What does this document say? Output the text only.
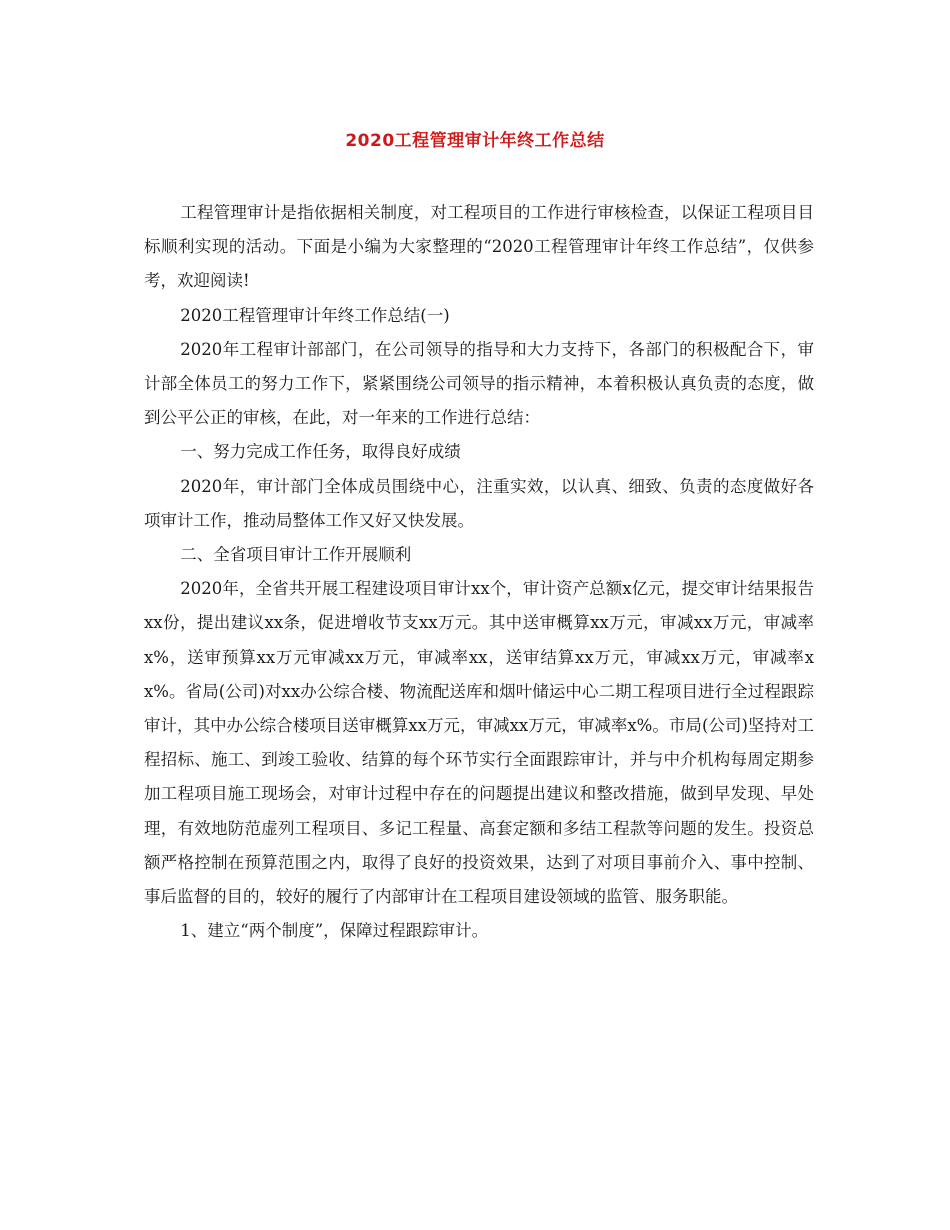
2020工程管理审计年终工作总结

工程管理审计是指依据相关制度，对工程项目的工作进行审核检查，以保证工程项目目标顺利实现的活动。下面是小编为大家整理的“2020工程管理审计年终工作总结”，仅供参考，欢迎阅读!

2020工程管理审计年终工作总结(一)

2020年工程审计部部门，在公司领导的指导和大力支持下，各部门的积极配合下，审计部全体员工的努力工作下，紧紧围绕公司领导的指示精神，本着积极认真负责的态度，做到公平公正的审核，在此，对一年来的工作进行总结：

一、努力完成工作任务，取得良好成绩

2020年，审计部门全体成员围绕中心，注重实效，以认真、细致、负责的态度做好各项审计工作，推动局整体工作又好又快发展。

二、全省项目审计工作开展顺利

2020年，全省共开展工程建设项目审计xx个，审计资产总额x亿元，提交审计结果报告xx份，提出建议xx条，促进增收节支xx万元。其中送审概算xx万元，审减xx万元，审减率x%，送审预算xx万元审减xx万元，审减率xx，送审结算xx万元，审减xx万元，审减率xx%。省局(公司)对xx办公综合楼、物流配送库和烟叶储运中心二期工程项目进行全过程跟踪审计，其中办公综合楼项目送审概算xx万元，审减xx万元，审减率x%。市局(公司)坚持对工程招标、施工、到竣工验收、结算的每个环节实行全面跟踪审计，并与中介机构每周定期参加工程项目施工现场会，对审计过程中存在的问题提出建议和整改措施，做到早发现、早处理，有效地防范虚列工程项目、多记工程量、高套定额和多结工程款等问题的发生。投资总额严格控制在预算范围之内，取得了良好的投资效果，达到了对项目事前介入、事中控制、事后监督的目的，较好的履行了内部审计在工程项目建设领域的监管、服务职能。

1、建立“两个制度”，保障过程跟踪审计。
